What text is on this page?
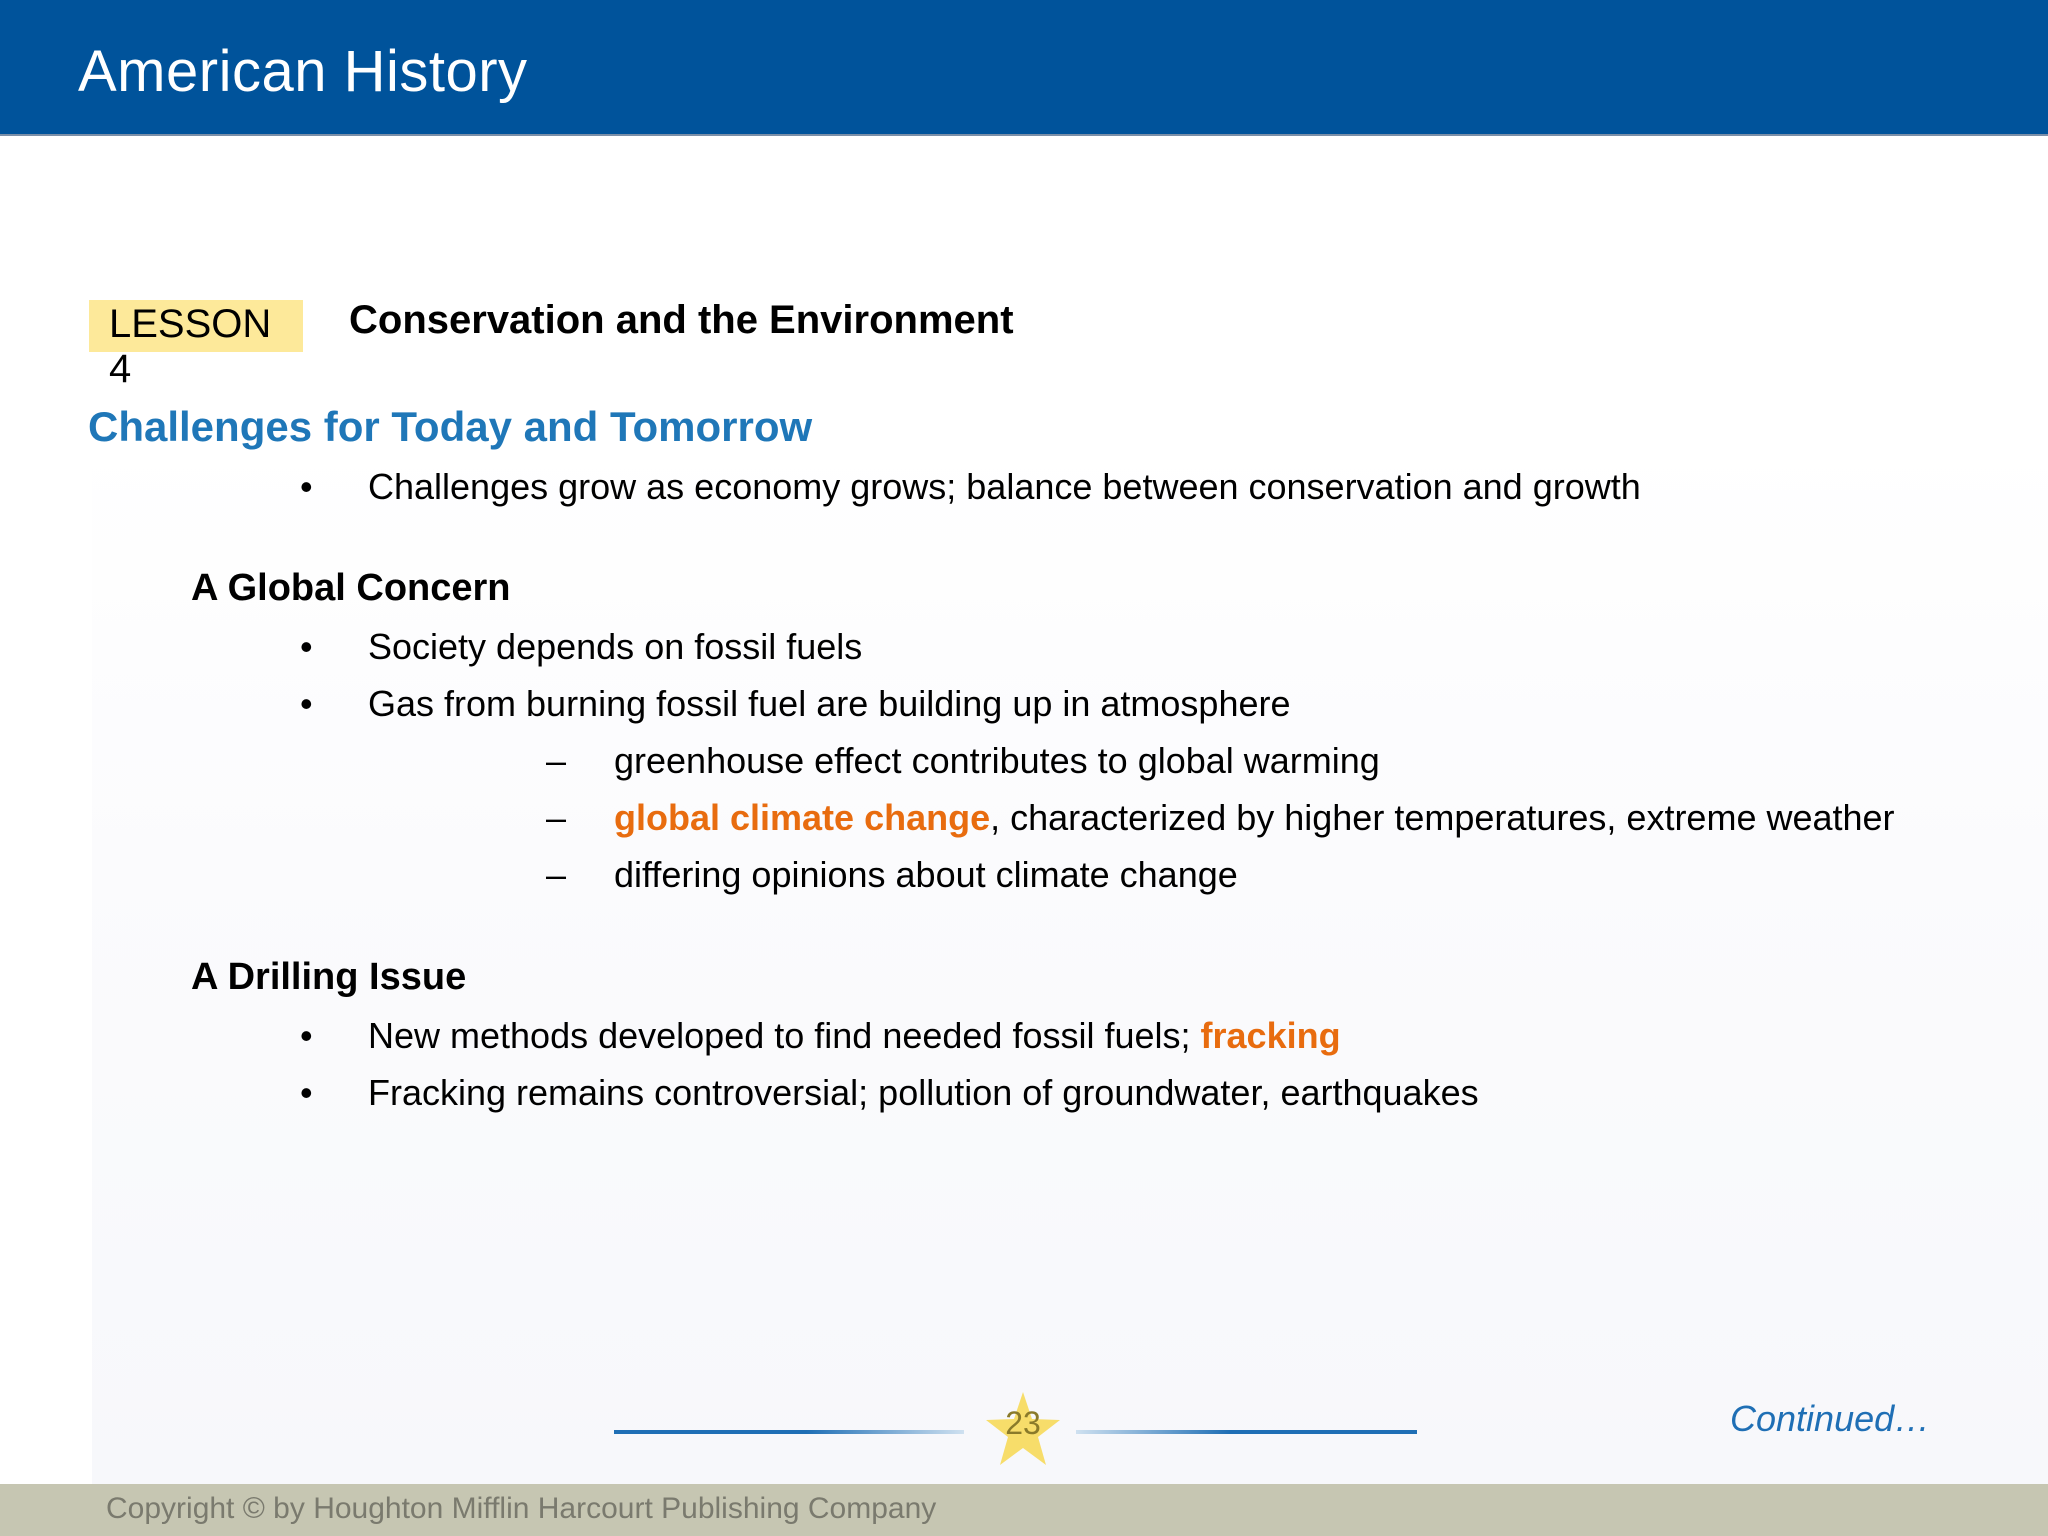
American History
LESSON 4
Conservation and the Environment
Challenges for Today and Tomorrow
• Challenges grow as economy grows; balance between conservation and growth
A Global Concern
• Society depends on fossil fuels
• Gas from burning fossil fuel are building up in atmosphere
– greenhouse effect contributes to global warming
– global climate change, characterized by higher temperatures, extreme weather
– differing opinions about climate change
A Drilling Issue
• New methods developed to find needed fossil fuels; fracking
• Fracking remains controversial; pollution of groundwater, earthquakes
23	Continued…
Copyright © by Houghton Mifflin Harcourt Publishing Company
